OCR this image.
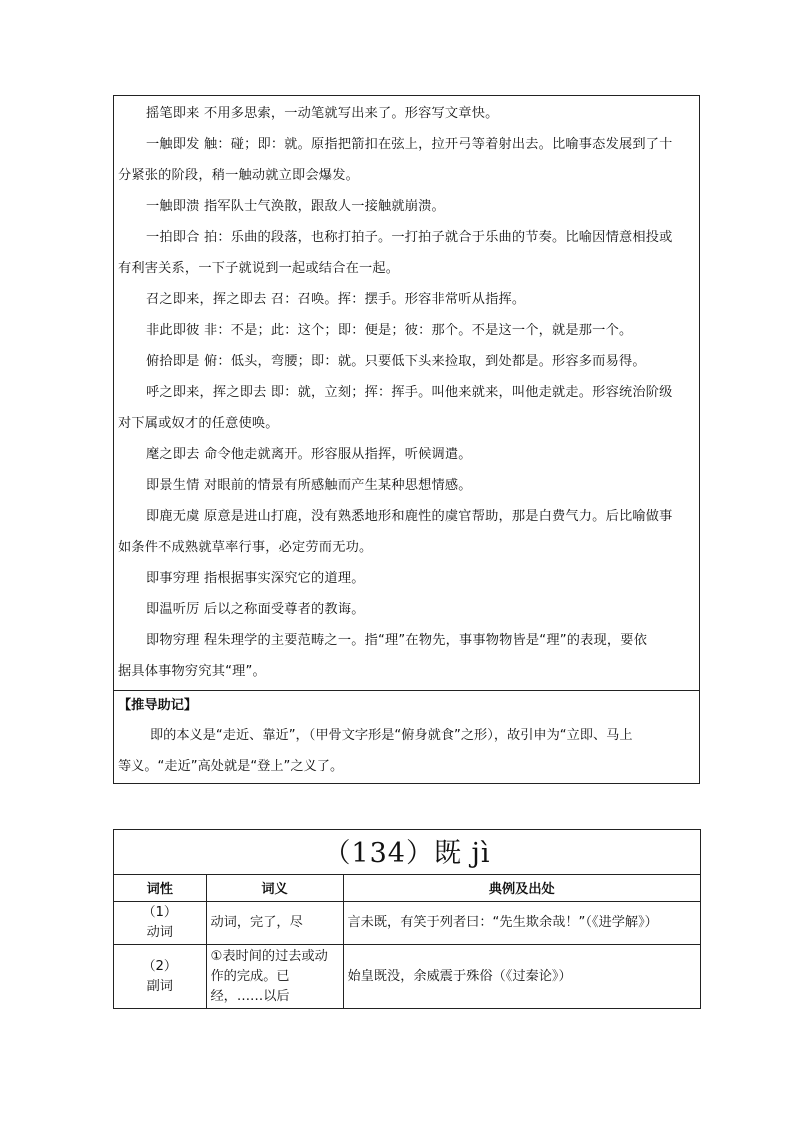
摇笔即来 不用多思索，一动笔就写出来了。形容写文章快。
一触即发 触：碰；即：就。原指把箭扣在弦上，拉开弓等着射出去。比喻事态发展到了十
分紧张的阶段，稍一触动就立即会爆发。
一触即溃 指军队士气涣散，跟敌人一接触就崩溃。
一拍即合 拍：乐曲的段落，也称打拍子。一打拍子就合于乐曲的节奏。比喻因情意相投或
有利害关系，一下子就说到一起或结合在一起。
召之即来，挥之即去 召：召唤。挥：摆手。形容非常听从指挥。
非此即彼 非：不是；此：这个；即：便是；彼：那个。不是这一个，就是那一个。
俯拾即是 俯：低头，弯腰；即：就。只要低下头来捡取，到处都是。形容多而易得。
呼之即来，挥之即去 即：就，立刻；挥：挥手。叫他来就来，叫他走就走。形容统治阶级
对下属或奴才的任意使唤。
麾之即去 命令他走就离开。形容服从指挥，听候调遣。
即景生情 对眼前的情景有所感触而产生某种思想情感。
即鹿无虞 原意是进山打鹿，没有熟悉地形和鹿性的虞官帮助，那是白费气力。后比喻做事
如条件不成熟就草率行事，必定劳而无功。
即事穷理 指根据事实深究它的道理。
即温听厉 后以之称面受尊者的教诲。
即物穷理 程朱理学的主要范畴之一。指“理”在物先，事事物物皆是“理”的表现，要依
据具体事物穷究其“理”。
【推导助记】
即的本义是“走近、靠近”，（甲骨文字形是“俯身就食”之形），故引申为“立即、马上
等义。“走近”高处就是“登上”之义了。
（134）既 jì
词性	词义	典例及出处

（1）
动词	动词，完了，尽	言未既，有笑于列者曰：“先生欺余哉！”（《进学解》）

（2）
副词	①表时间的过去或动作的完成。已经，……以后	始皇既没，余威震于殊俗（《过秦论》）
